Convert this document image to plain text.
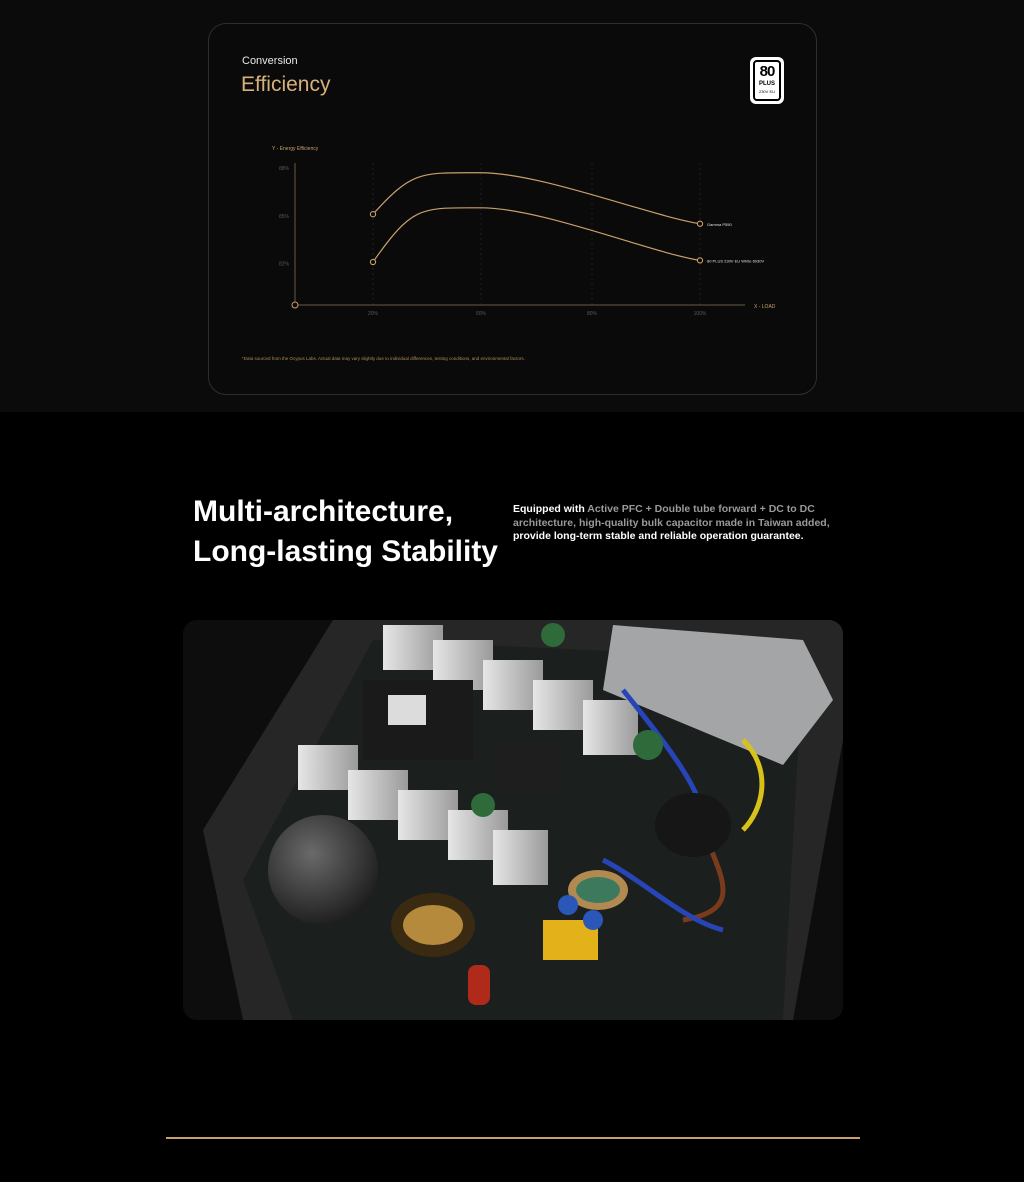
Conversion
Efficiency
80
PLUS
230V EU
Y - Energy Efficiency
X - LOAD
88%
85%
82%
20%	50%	80%	100%
Gamma P550
80 PLUS 230V EU White 6030V
*Data sourced from the Ocypus Labs. Actual data may vary slightly due to individual differences, testing conditions, and environmental factors.
Multi-architecture,
Long-lasting Stability
Equipped with Active PFC + Double tube forward + DC to DC architecture, high-quality bulk capacitor made in Taiwan added, provide long-term stable and reliable operation guarantee.
